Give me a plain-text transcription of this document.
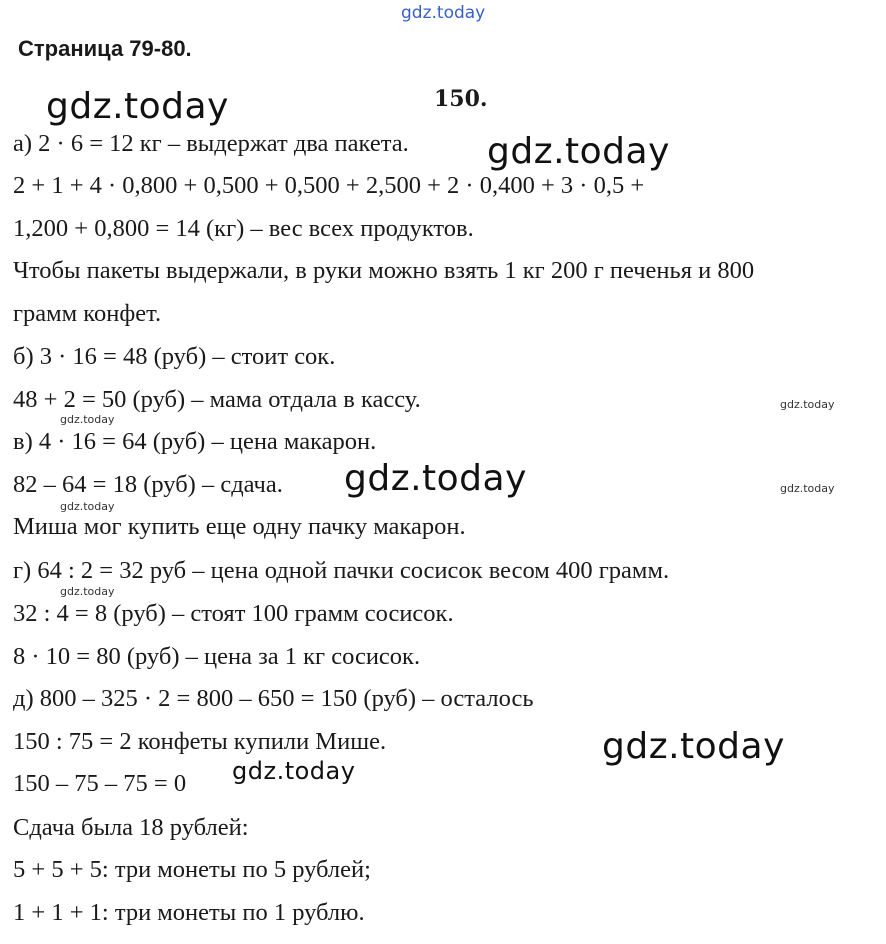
gdz.today
Страница 79-80.
150.
а) 2 · 6 = 12 кг – выдержат два пакета.
2 + 1 + 4 · 0,800 + 0,500 + 0,500 + 2,500 + 2 · 0,400 + 3 · 0,5 +
1,200 + 0,800 = 14 (кг) – вес всех продуктов.
Чтобы пакеты выдержали, в руки можно взять 1 кг 200 г печенья и 800
грамм конфет.
б) 3 · 16 = 48 (руб) – стоит сок.
48 + 2 = 50 (руб) – мама отдала в кассу.
в) 4 · 16 = 64 (руб) – цена макарон.
82 – 64 = 18 (руб) – сдача.
Миша мог купить еще одну пачку макарон.
г) 64 : 2 = 32 руб – цена одной пачки сосисок весом 400 грамм.
32 : 4 = 8 (руб) – стоят 100 грамм сосисок.
8 · 10 = 80 (руб) – цена за 1 кг сосисок.
д) 800 – 325 · 2 = 800 – 650 = 150 (руб) – осталось
150 : 75 = 2 конфеты купили Мише.
150 – 75 – 75 = 0
Сдача была 18 рублей:
5 + 5 + 5: три монеты по 5 рублей;
1 + 1 + 1: три монеты по 1 рублю.
gdz.today
gdz.today
gdz.today
gdz.today
gdz.today
gdz.today
gdz.today
gdz.today
gdz.today
gdz.today
